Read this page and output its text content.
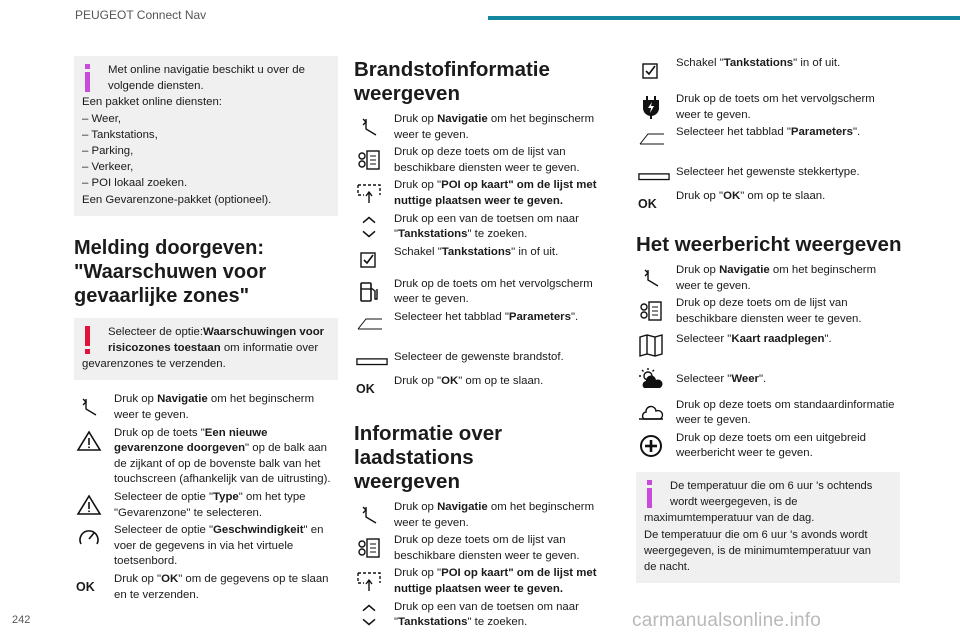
PEUGEOT Connect Nav
Met online navigatie beschikt u over de
volgende diensten.
Een pakket online diensten:
– Weer,
– Tankstations,
– Parking,
– Verkeer,
– POI lokaal zoeken.
Een Gevarenzone-pakket (optioneel).
Melding doorgeven:
"Waarschuwen voor
gevaarlijke zones"
Selecteer de optie:Waarschuwingen voor
risicozones toestaan om informatie over
gevarenzones te verzenden.
Druk op Navigatie om het beginscherm weer te geven.
Druk op de toets "Een nieuwe gevarenzone doorgeven" op de balk aan de zijkant of op de bovenste balk van het touchscreen (afhankelijk van de uitrusting).
Selecteer de optie "Type" om het type "Gevarenzone" te selecteren.
Selecteer de optie "Geschwindigkeit" en voer de gegevens in via het virtuele toetsenbord.
OK
Druk op "OK" om de gegevens op te slaan en te verzenden.
Brandstofinformatie
weergeven
Druk op Navigatie om het beginscherm weer te geven.
Druk op deze toets om de lijst van beschikbare diensten weer te geven.
Druk op "POI op kaart" om de lijst met nuttige plaatsen weer te geven.
Druk op een van de toetsen om naar "Tankstations" te zoeken.
Schakel "Tankstations" in of uit.
Druk op de toets om het vervolgscherm weer te geven.
Selecteer het tabblad "Parameters".
Selecteer de gewenste brandstof.
OK
Druk op "OK" om op te slaan.
Informatie over laadstations
weergeven
Druk op Navigatie om het beginscherm weer te geven.
Druk op deze toets om de lijst van beschikbare diensten weer te geven.
Druk op "POI op kaart" om de lijst met nuttige plaatsen weer te geven.
Druk op een van de toetsen om naar "Tankstations" te zoeken.
Schakel "Tankstations" in of uit.
Druk op de toets om het vervolgscherm weer te geven.
Selecteer het tabblad "Parameters".
Selecteer het gewenste stekkertype.
OK
Druk op "OK" om op te slaan.
Het weerbericht weergeven
Druk op Navigatie om het beginscherm weer te geven.
Druk op deze toets om de lijst van beschikbare diensten weer te geven.
Selecteer "Kaart raadplegen".
Selecteer "Weer".
Druk op deze toets om standaardinformatie weer te geven.
Druk op deze toets om een uitgebreid weerbericht weer te geven.
De temperatuur die om 6 uur 's ochtends
wordt weergegeven, is de
maximumtemperatuur van de dag.
De temperatuur die om 6 uur 's avonds wordt
weergegeven, is de minimumtemperatuur van
de nacht.
242	carmanualsonline.info
